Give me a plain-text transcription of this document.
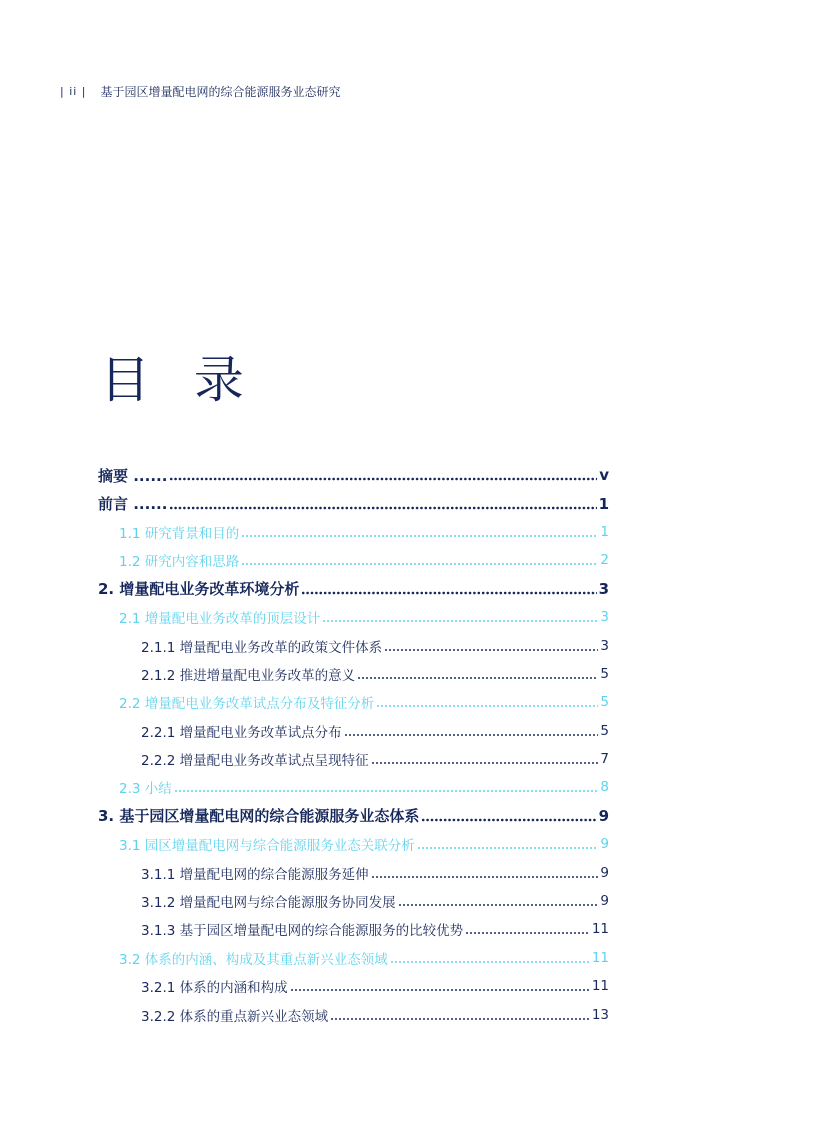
| ii | 基于园区增量配电网的综合能源服务业态研究
目 录
摘要 ......	v
前言 ......	1
1.1 研究背景和目的	1
1.2 研究内容和思路	2
2. 增量配电业务改革环境分析	3
2.1 增量配电业务改革的顶层设计	3
2.1.1 增量配电业务改革的政策文件体系	3
2.1.2 推进增量配电业务改革的意义	5
2.2 增量配电业务改革试点分布及特征分析	5
2.2.1 增量配电业务改革试点分布	5
2.2.2 增量配电业务改革试点呈现特征	7
2.3 小结	8
3. 基于园区增量配电网的综合能源服务业态体系	9
3.1 园区增量配电网与综合能源服务业态关联分析	9
3.1.1 增量配电网的综合能源服务延伸	9
3.1.2 增量配电网与综合能源服务协同发展	9
3.1.3 基于园区增量配电网的综合能源服务的比较优势	11
3.2 体系的内涵、构成及其重点新兴业态领域	11
3.2.1 体系的内涵和构成	11
3.2.2 体系的重点新兴业态领域	13
